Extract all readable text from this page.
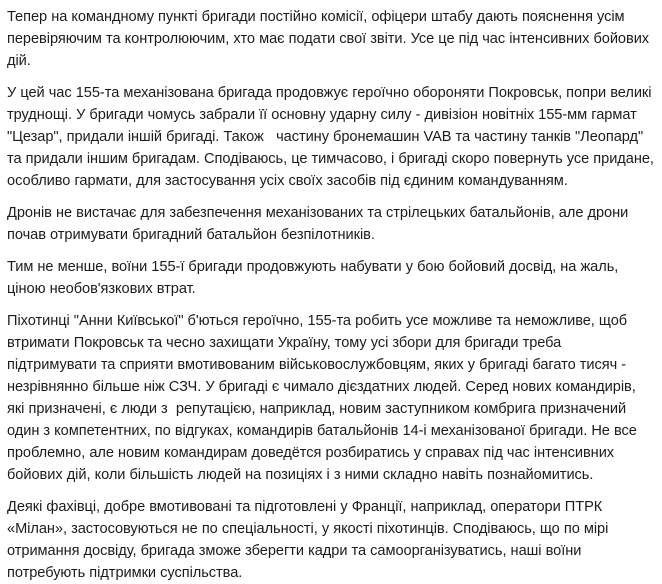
Тепер на командному пункті бригади постійно комісії, офіцери штабу дають пояснення усім перевіряючим та контролюючим, хто має подати свої звіти. Усе це під час інтенсивних бойових дій.

У цей час 155-та механізована бригада продовжує героїчно обороняти Покровськ, попри великі труднощі. У бригади чомусь забрали її основну ударну силу - дивізіон новітніх 155-мм гармат "Цезар", придали іншій бригаді. Також   частину бронемашин VAB та частину танків "Леопард" та придали іншим бригадам. Сподіваюсь, це тимчасово, і бригаді скоро повернуть усе придане, особливо гармати, для застосування усіх своїх засобів під єдиним командуванням.

Дронів не вистачає для забезпечення механізованих та стрілецьких батальйонів, але дрони почав отримувати бригадний батальйон безпілотників.

Тим не менше, воїни 155-ї бригади продовжують набувати у бою бойовий досвід, на жаль, ціною необов'язкових втрат.

Піхотинці "Анни Київської" б'ються героїчно, 155-та робить усе можливе та неможливе, щоб втримати Покровськ та чесно захищати Україну, тому усі збори для бригади треба підтримувати та сприяти вмотивованим військовослужбовцям, яких у бригаді багато тисяч - незрівнянно більше ніж СЗЧ. У бригаді є чимало дієздатних людей. Серед нових командирів, які призначені, є люди з  репутацією, наприклад, новим заступником комбрига призначений один з компетентних, по відгуках, командирів батальйонів 14-і механізованої бригади. Не все проблемно, але новим командирам доведётся розбиратись у справах під час інтенсивних бойових дій, коли більшість людей на позиціях і з ними складно навіть познайомитись.

Деякі фахівці, добре вмотивовані та підготовлені у Франції, наприклад, оператори ПТРК «Мілан», застосовуються не по спеціальності, у якості піхотинців. Сподіваюсь, що по мірі отримання досвіду, бригада зможе зберегти кадри та самоорганізуватись, наші воїни потребують підтримки суспільства.
